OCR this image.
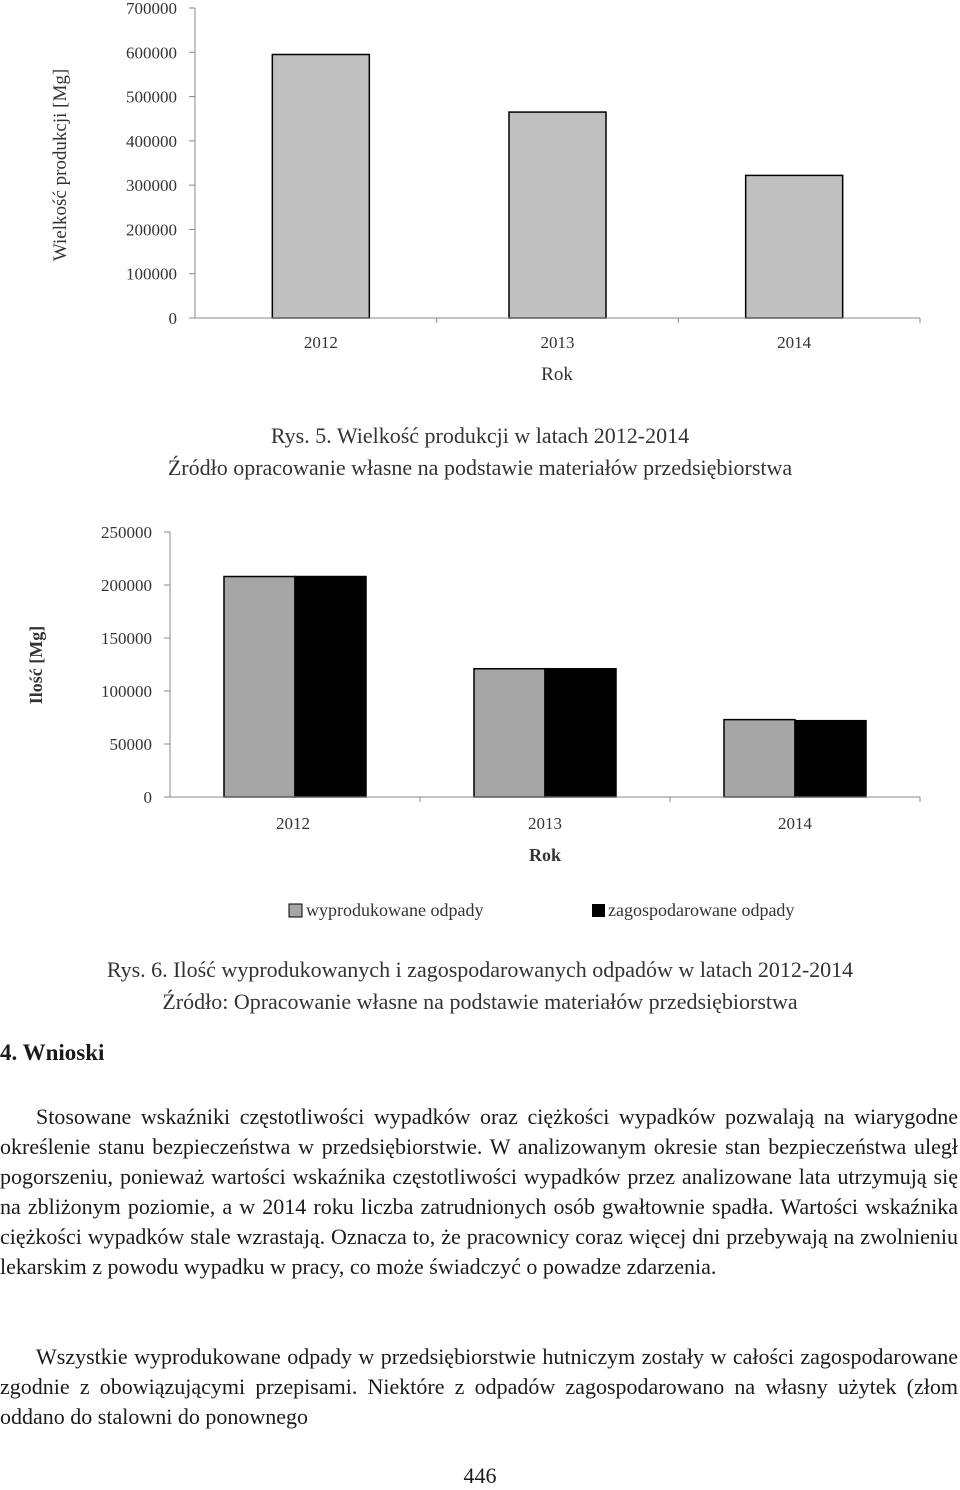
Wielkość produkcji [Mg]
700000
600000
500000
400000
300000
200000
100000
0
2012	2013	2014
Rok
Rys. 5. Wielkość produkcji w latach 2012-2014
Źródło opracowanie własne na podstawie materiałów przedsiębiorstwa
Ilość [Mg]
250000
200000
150000
100000
50000
0
2012	2013	2014
Rok
wyprodukowane odpady	zagospodarowane odpady
Rys. 6. Ilość wyprodukowanych i zagospodarowanych odpadów w latach 2012-2014
Źródło: Opracowanie własne na podstawie materiałów przedsiębiorstwa
4. Wnioski
Stosowane wskaźniki częstotliwości wypadków oraz ciężkości wypadków pozwalają na wiarygodne określenie stanu bezpieczeństwa w przedsiębiorstwie. W analizowanym okresie stan bezpieczeństwa uległ pogorszeniu, ponieważ wartości wskaźnika częstotliwości wypadków przez analizowane lata utrzymują się na zbliżonym poziomie, a w 2014 roku liczba zatrudnionych osób gwałtownie spadła. Wartości wskaźnika ciężkości wypadków stale wzrastają. Oznacza to, że pracownicy coraz więcej dni przebywają na zwolnieniu lekarskim z powodu wypadku w pracy, co może świadczyć o powadze zdarzenia.
Wszystkie wyprodukowane odpady w przedsiębiorstwie hutniczym zostały w całości zagospodarowane zgodnie z obowiązującymi przepisami. Niektóre z odpadów zagospodarowano na własny użytek (złom oddano do stalowni do ponownego
446
